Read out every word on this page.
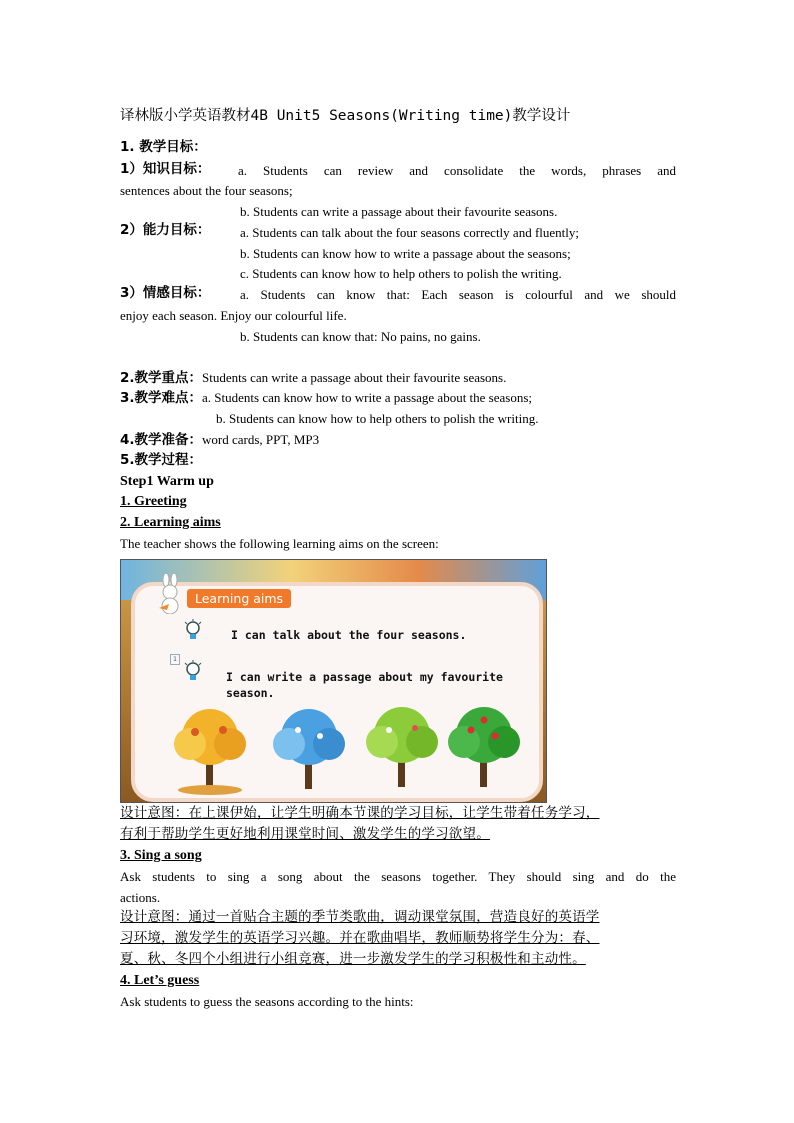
译林版小学英语教材4B Unit5 Seasons(Writing time)教学设计
1. 教学目标：
1）知识目标：	a. Students can review and consolidate the words, phrases and
sentences about the four seasons;
b. Students can write a passage about their favourite seasons.
2）能力目标： a. Students can talk about the four seasons correctly and fluently;
b. Students can know how to write a passage about the seasons;
c. Students can know how to help others to polish the writing.
3）情感目标： a. Students can know that: Each season is colourful and we should
enjoy each season. Enjoy our colourful life.
b. Students can know that: No pains, no gains.
2.教学重点：Students can write a passage about their favourite seasons.
3.教学难点：a. Students can know how to write a passage about the seasons;
b. Students can know how to help others to polish the writing.
4.教学准备：word cards, PPT, MP3
5.教学过程：
Step1 Warm up
1. Greeting
2. Learning aims
The teacher shows the following learning aims on the screen:
Learning aims
I can talk about the four seasons.
1
I can write a passage about my favourite
season.
设计意图：在上课伊始，让学生明确本节课的学习目标，让学生带着任务学习，
有利于帮助学生更好地利用课堂时间、激发学生的学习欲望。
3. Sing a song
Ask students to sing a song about the seasons together. They should sing and do the
actions.
设计意图：通过一首贴合主题的季节类歌曲，调动课堂氛围，营造良好的英语学
习环境，激发学生的英语学习兴趣。并在歌曲唱毕，教师顺势将学生分为：春、
夏、秋、冬四个小组进行小组竞赛，进一步激发学生的学习积极性和主动性。
4. Let’s guess
Ask students to guess the seasons according to the hints:
